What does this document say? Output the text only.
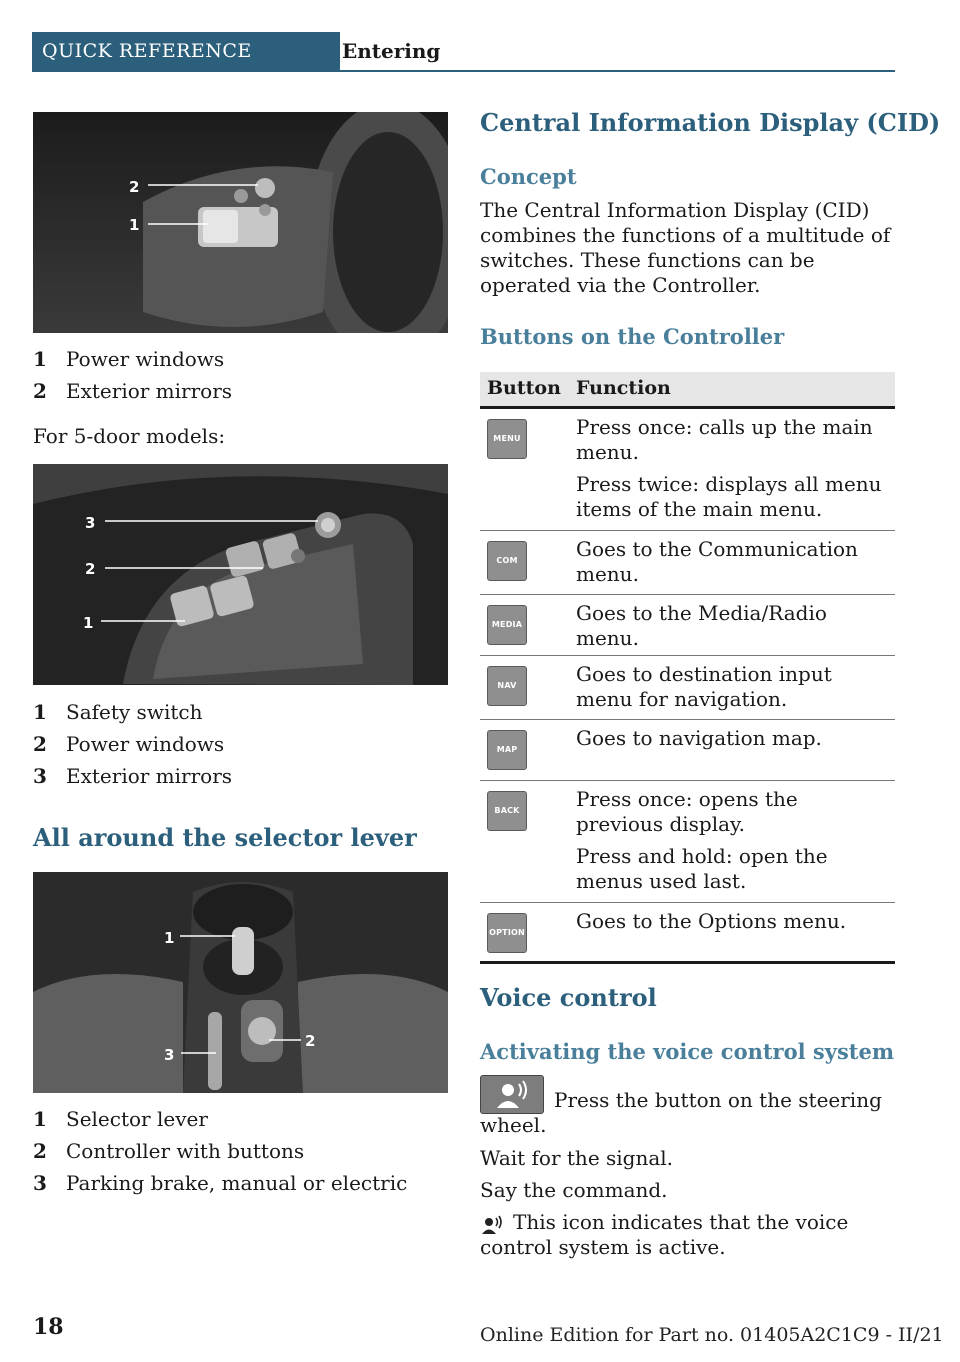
QUICK REFERENCE	Entering
2
1
1 Power windows
2 Exterior mirrors
For 5-door models:
3
2
1
1 Safety switch
2 Power windows
3 Exterior mirrors
All around the selector lever
1
2
3
1 Selector lever
2 Controller with buttons
3 Parking brake, manual or electric
Central Information Display (CID)
Concept
The Central Information Display (CID) combines the functions of a multitude of switches. These functions can be operated via the Controller.
Buttons on the Controller
Button Function
MENU	Press once: calls up the main menu.

Press twice: displays all menu items of the main menu.

COM	Goes to the Communication menu.

MEDIA	Goes to the Media/Radio menu.

NAV	Goes to destination input menu for navigation.

MAP	Goes to navigation map.

BACK	Press once: opens the previous display.

Press and hold: open the menus used last.

OPTION	Goes to the Options menu.

Voice control
Activating the voice control system
Press the button on the steering wheel.
Wait for the signal.
Say the command.
This icon indicates that the voice control system is active.
18	Online Edition for Part no. 01405A2C1C9 - II/21
